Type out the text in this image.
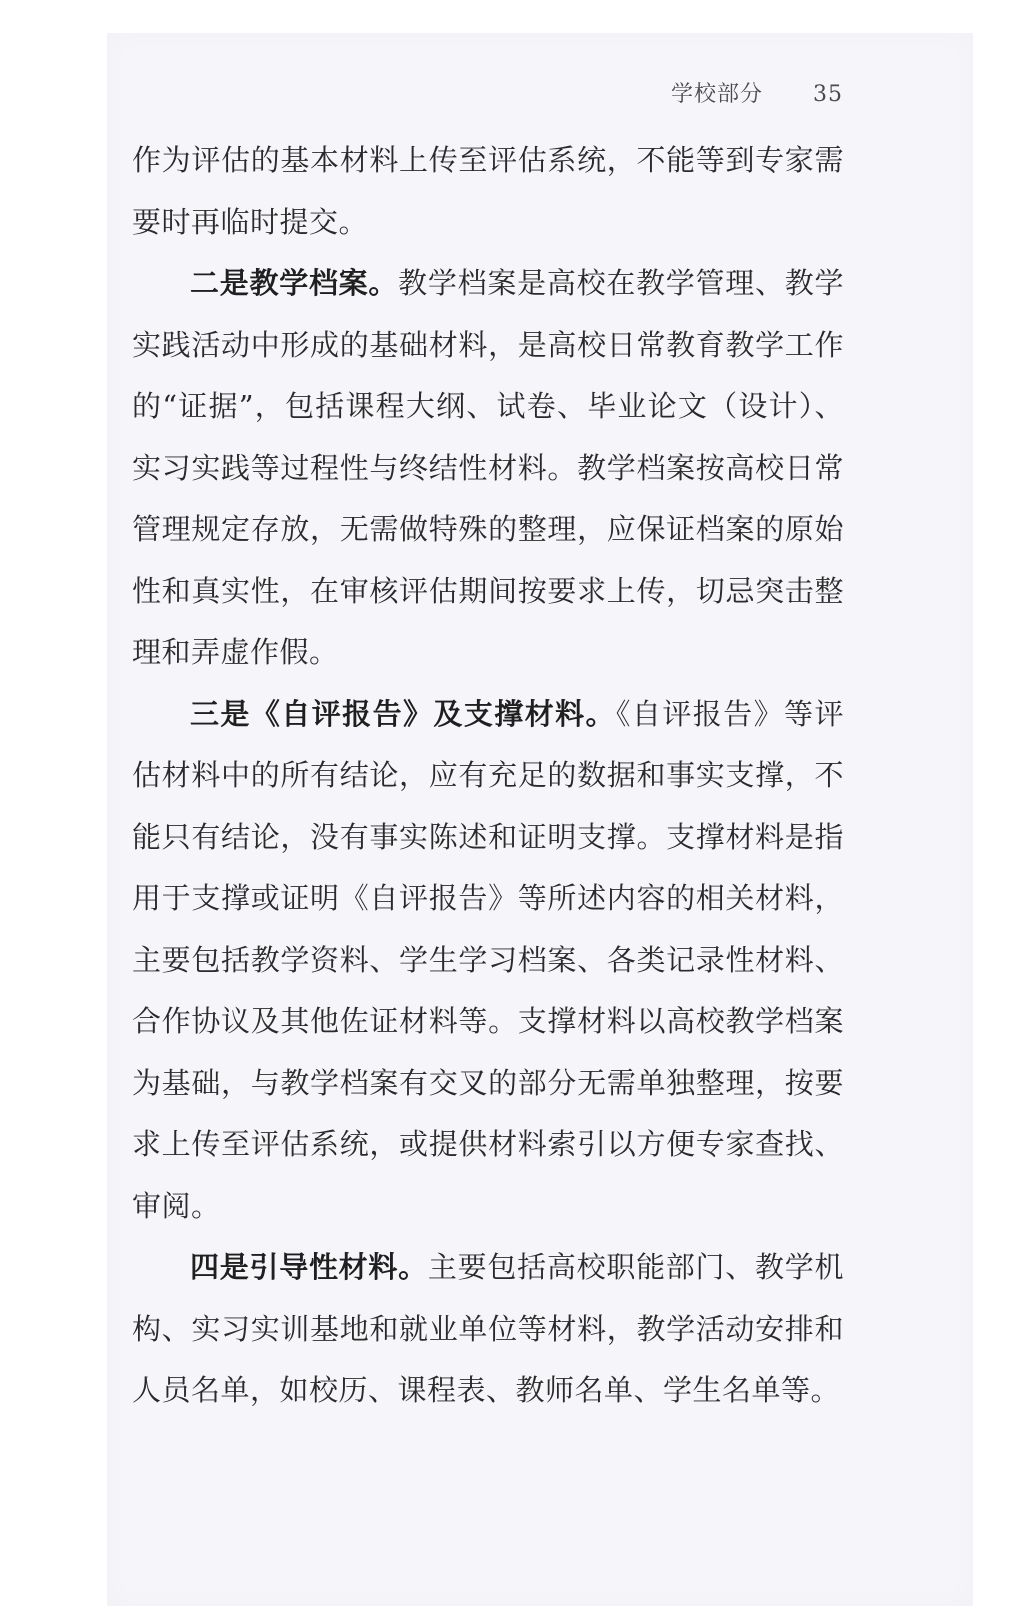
学校部分 35

作为评估的基本材料上传至评估系统，不能等到专家需要时再临时提交。

二是教学档案。教学档案是高校在教学管理、教学实践活动中形成的基础材料，是高校日常教育教学工作的“证据”，包括课程大纲、试卷、毕业论文（设计）、实习实践等过程性与终结性材料。教学档案按高校日常管理规定存放，无需做特殊的整理，应保证档案的原始性和真实性，在审核评估期间按要求上传，切忌突击整理和弄虚作假。

三是《自评报告》及支撑材料。《自评报告》等评估材料中的所有结论，应有充足的数据和事实支撑，不能只有结论，没有事实陈述和证明支撑。支撑材料是指用于支撑或证明《自评报告》等所述内容的相关材料，主要包括教学资料、学生学习档案、各类记录性材料、合作协议及其他佐证材料等。支撑材料以高校教学档案为基础，与教学档案有交叉的部分无需单独整理，按要求上传至评估系统，或提供材料索引以方便专家查找、审阅。

四是引导性材料。主要包括高校职能部门、教学机构、实习实训基地和就业单位等材料，教学活动安排和人员名单，如校历、课程表、教师名单、学生名单等。
